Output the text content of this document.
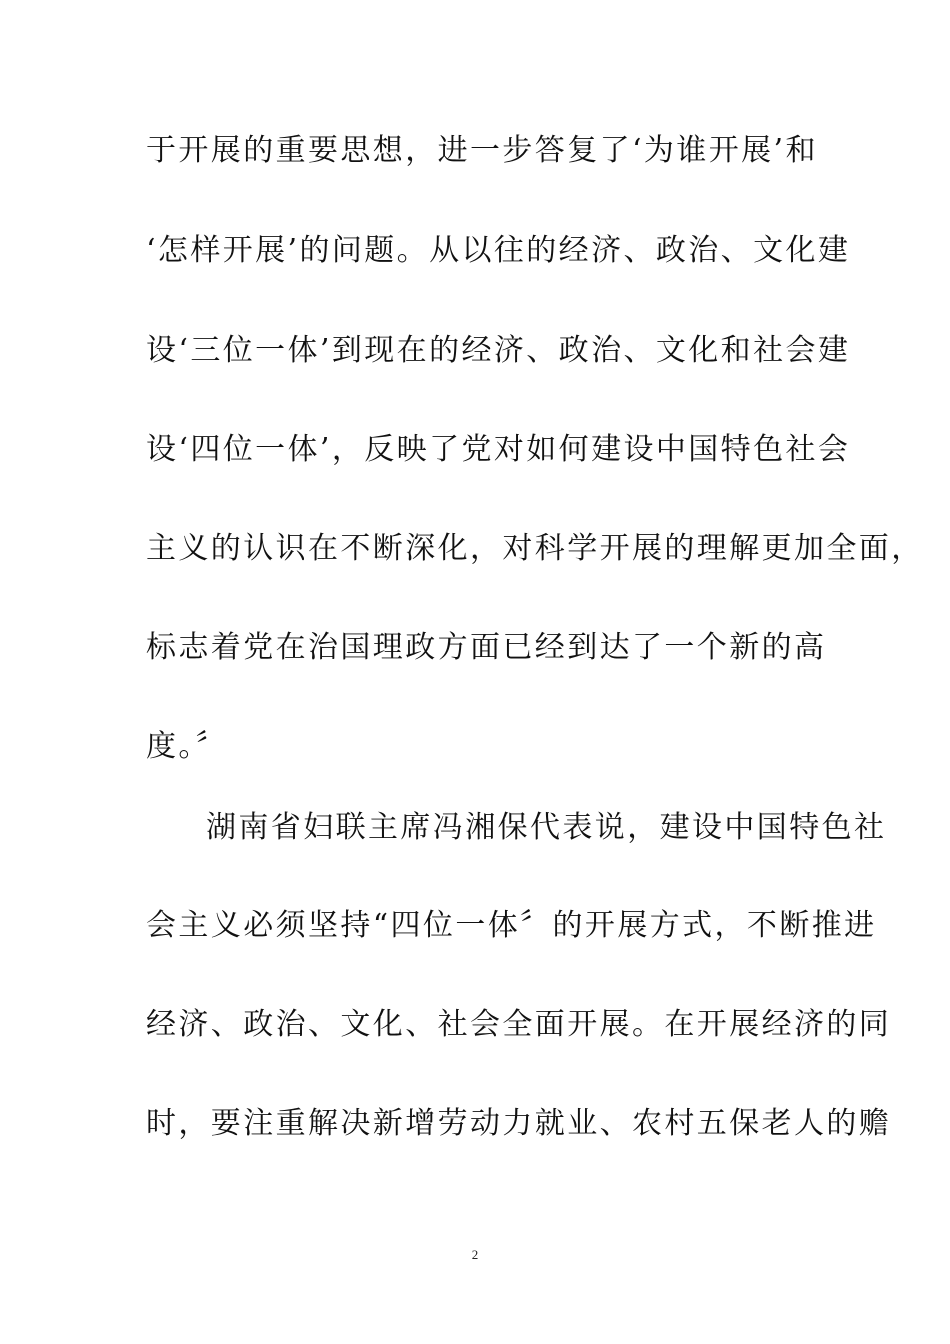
于开展的重要思想，进一步答复了‘为谁开展’和
‘怎样开展’的问题。从以往的经济、政治、文化建
设‘三位一体’到现在的经济、政治、文化和社会建
设‘四位一体’，反映了党对如何建设中国特色社会
主义的认识在不断深化，对科学开展的理解更加全面，
标志着党在治国理政方面已经到达了一个新的高
度。〞
湖南省妇联主席冯湘保代表说，建设中国特色社
会主义必须坚持“四位一体〞的开展方式，不断推进
经济、政治、文化、社会全面开展。在开展经济的同
时，要注重解决新增劳动力就业、农村五保老人的赡
2
